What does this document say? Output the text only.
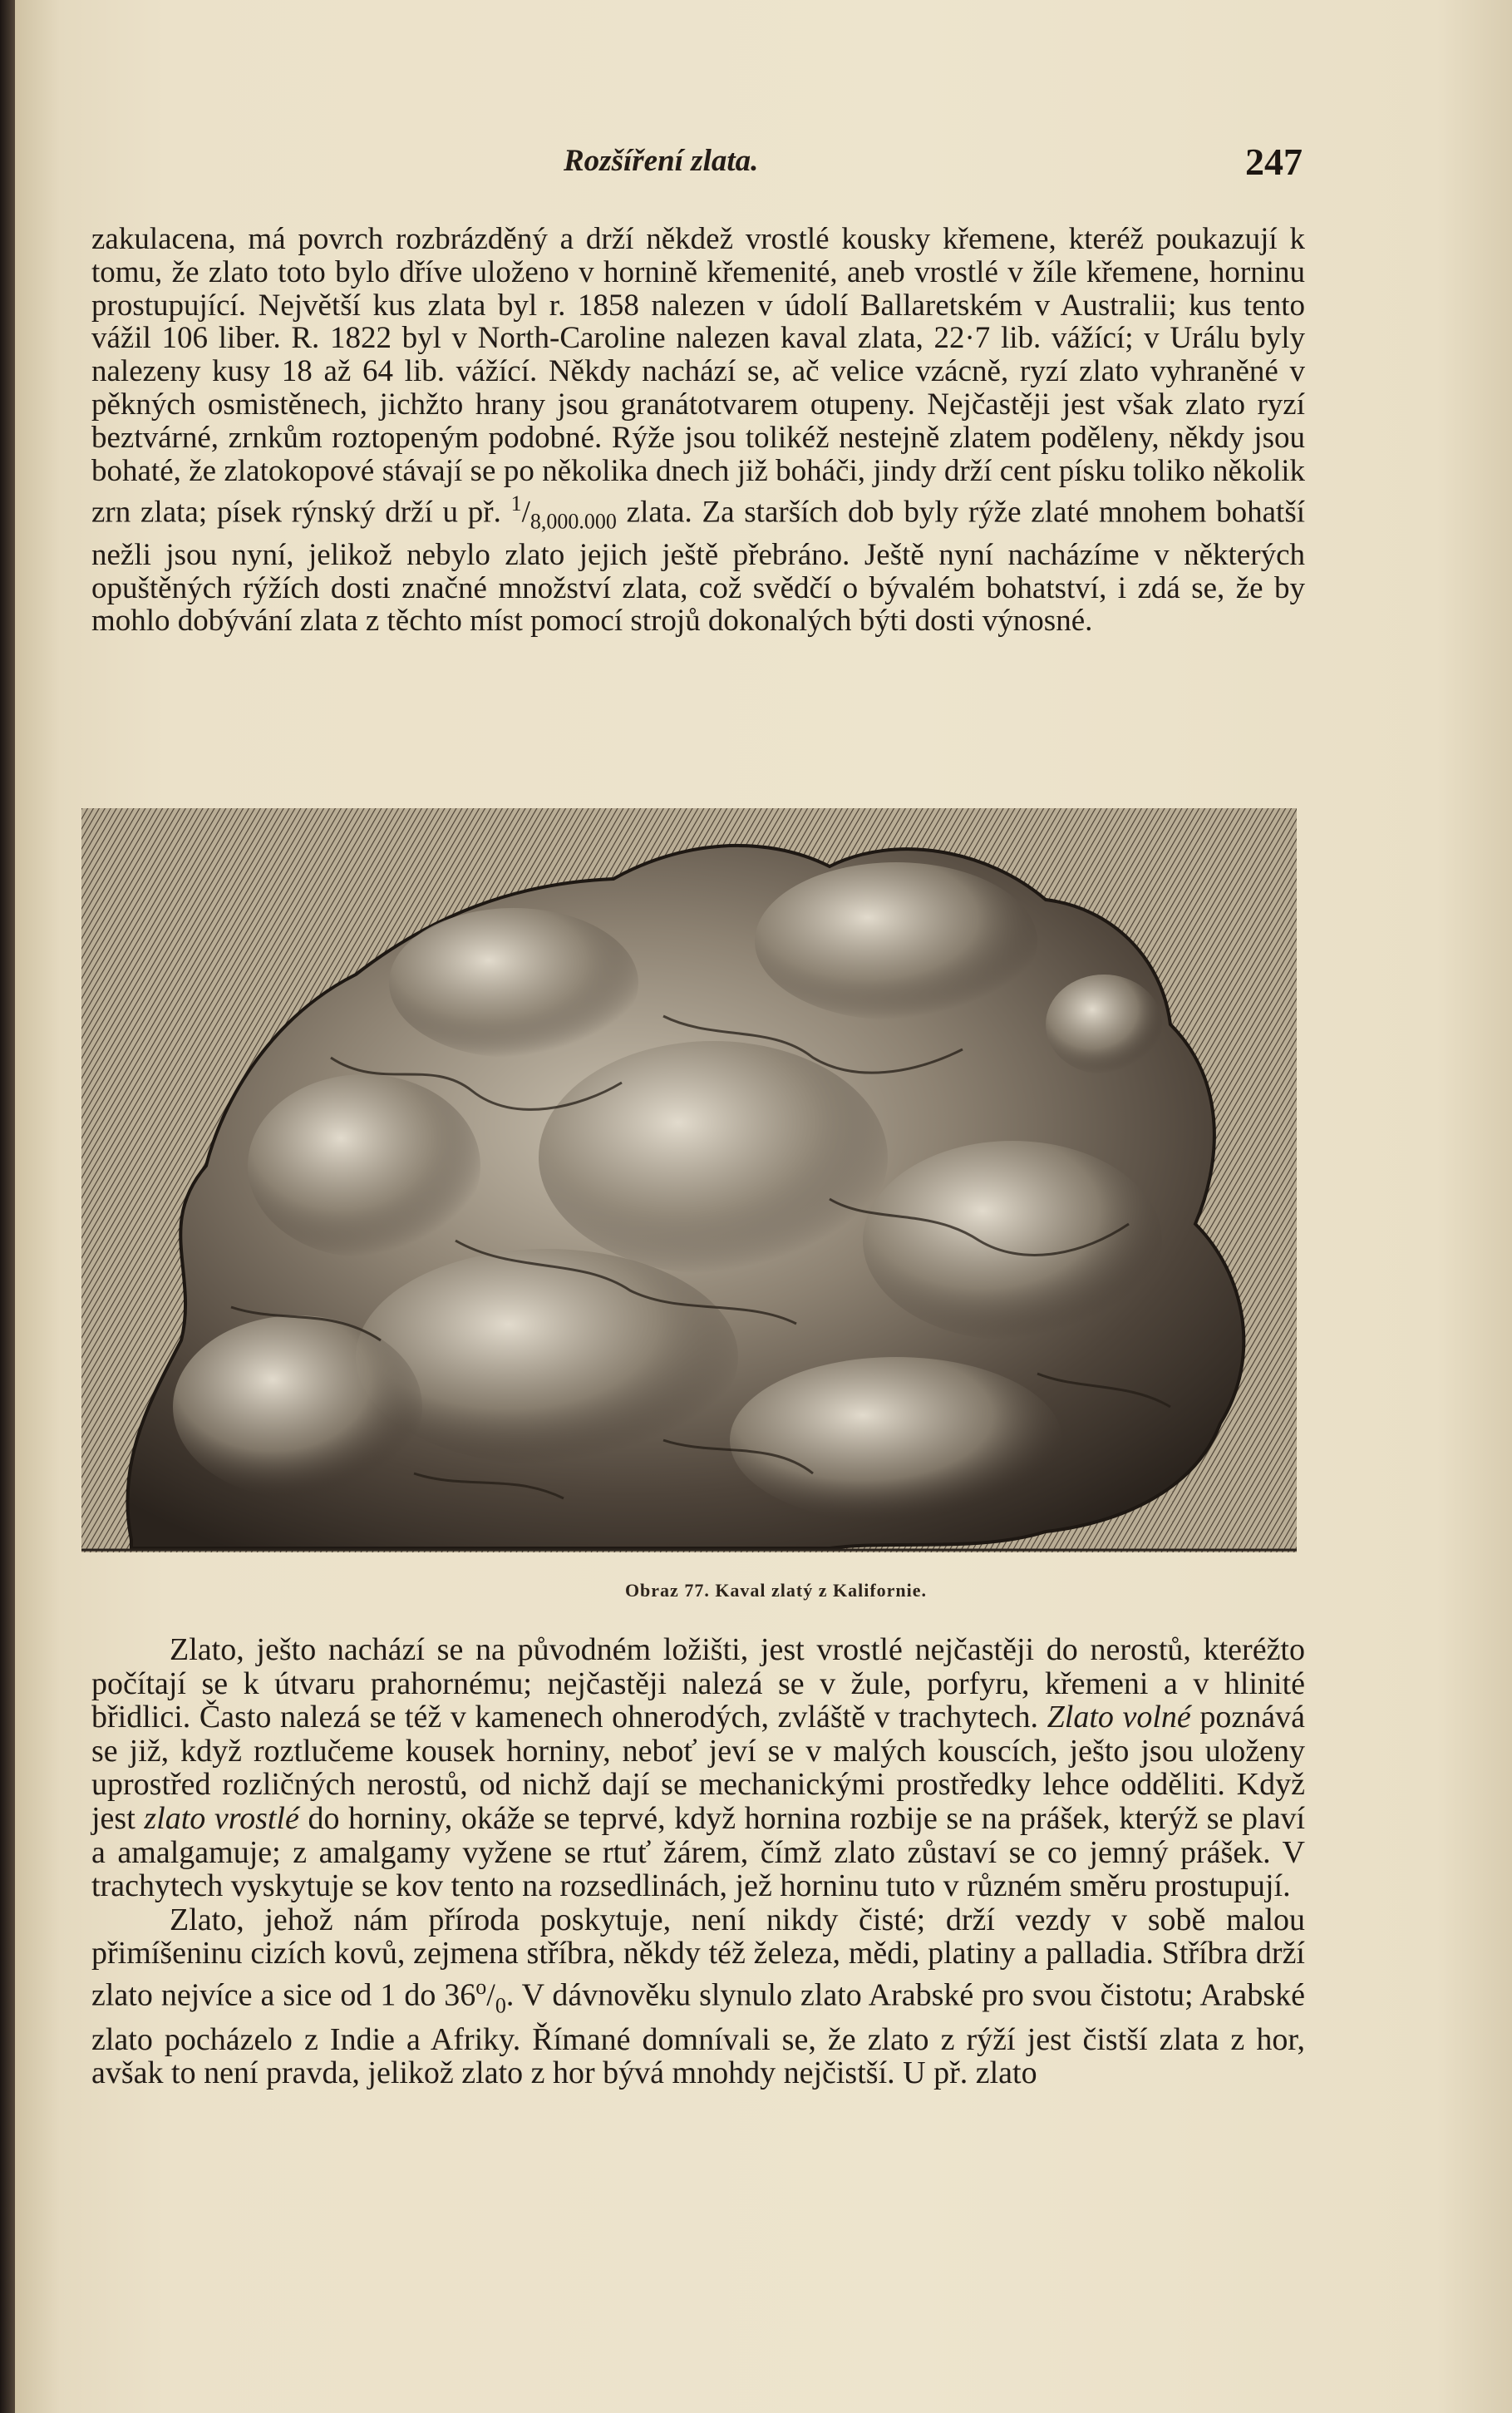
Rozšíření zlata.	247

zakulacena, má povrch rozbrázděný a drží někdež vrostlé kousky křemene, kteréž poukazují k tomu, že zlato toto bylo dříve uloženo v hornině křemenité, aneb vrostlé v žíle křemene, horninu prostupující. Největší kus zlata byl r. 1858 nalezen v údolí Ballaretském v Australii; kus tento vážil 106 liber. R. 1822 byl v North-Caroline nalezen kaval zlata, 22·7 lib. vážící; v Urálu byly nalezeny kusy 18 až 64 lib. vážící. Někdy nachází se, ač velice vzácně, ryzí zlato vyhraněné v pěkných osmistěnech, jichžto hrany jsou granátotvarem otupeny. Nejčastěji jest však zlato ryzí beztvárné, zrnkům roztopeným podobné. Rýže jsou tolikéž nestejně zlatem poděleny, někdy jsou bohaté, že zlatokopové stávají se po několika dnech již boháči, jindy drží cent písku toliko několik zrn zlata; písek rýnský drží u př. $^1/_{8,000.000}$ zlata. Za starších dob byly rýže zlaté mnohem bohatší nežli jsou nyní, jelikož nebylo zlato jejich ještě přebráno. Ještě nyní nacházíme v některých opuštěných rýžích dosti značné množství zlata, což svědčí o bývalém bohatství, i zdá se, že by mohlo dobývání zlata z těchto míst pomocí strojů dokonalých býti dosti výnosné.

Obraz 77. Kaval zlatý z Kalifornie.

Zlato, ješto nachází se na původném ložišti, jest vrostlé nejčastěji do nerostů, kteréžto počítají se k útvaru prahornému; nejčastěji nalezá se v žule, porfyru, křemeni a v hlinité břidlici. Často nalezá se též v kamenech ohnerodých, zvláště v trachytech. Zlato volné poznává se již, když roztlučeme kousek horniny, neboť jeví se v malých kouscích, ješto jsou uloženy uprostřed rozličných nerostů, od nichž dají se mechanickými prostředky lehce odděliti. Když jest zlato vrostlé do horniny, okáže se teprvé, když hornina rozbije se na prášek, kterýž se plaví a amalgamuje; z amalgamy vyžene se rtuť žárem, čímž zlato zůstaví se co jemný prášek. V trachytech vyskytuje se kov tento na rozsedlinách, jež horninu tuto v různém směru prostupují.

Zlato, jehož nám příroda poskytuje, není nikdy čisté; drží vezdy v sobě malou přimíšeninu cizích kovů, zejmena stříbra, někdy též železa, mědi, platiny a palladia. Stříbra drží zlato nejvíce a sice od 1 do $36^o/_0$. V dávnověku slynulo zlato Arabské pro svou čistotu; Arabské zlato pocházelo z Indie a Afriky. Římané domnívali se, že zlato z rýží jest čistší zlata z hor, avšak to není pravda, jelikož zlato z hor bývá mnohdy nejčistší. U př. zlato
